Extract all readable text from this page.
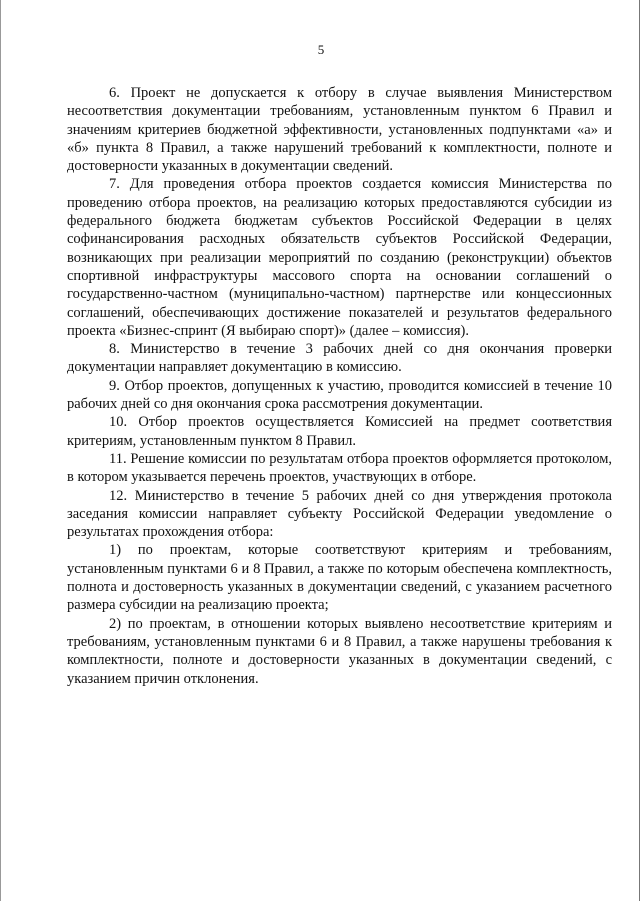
5

6. Проект не допускается к отбору в случае выявления Министерством несоответствия документации требованиям, установленным пунктом 6 Правил и значениям критериев бюджетной эффективности, установленных подпунктами «а» и «б» пункта 8 Правил, а также нарушений требований к комплектности, полноте и достоверности указанных в документации сведений.

7. Для проведения отбора проектов создается комиссия Министерства по проведению отбора проектов, на реализацию которых предоставляются субсидии из федерального бюджета бюджетам субъектов Российской Федерации в целях софинансирования расходных обязательств субъектов Российской Федерации, возникающих при реализации мероприятий по созданию (реконструкции) объектов спортивной инфраструктуры массового спорта на основании соглашений о государственно-частном (муниципально-частном) партнерстве или концессионных соглашений, обеспечивающих достижение показателей и результатов федерального проекта «Бизнес-спринт (Я выбираю спорт)» (далее – комиссия).

8. Министерство в течение 3 рабочих дней со дня окончания проверки документации направляет документацию в комиссию.

9. Отбор проектов, допущенных к участию, проводится комиссией в течение 10 рабочих дней со дня окончания срока рассмотрения документации.

10. Отбор проектов осуществляется Комиссией на предмет соответствия критериям, установленным пунктом 8 Правил.

11. Решение комиссии по результатам отбора проектов оформляется протоколом, в котором указывается перечень проектов, участвующих в отборе.

12. Министерство в течение 5 рабочих дней со дня утверждения протокола заседания комиссии направляет субъекту Российской Федерации уведомление о результатах прохождения отбора:

1) по проектам, которые соответствуют критериям и требованиям, установленным пунктами 6 и 8 Правил, а также по которым обеспечена комплектность, полнота и достоверность указанных в документации сведений, с указанием расчетного размера субсидии на реализацию проекта;

2) по проектам, в отношении которых выявлено несоответствие критериям и требованиям, установленным пунктами 6 и 8 Правил, а также нарушены требования к комплектности, полноте и достоверности указанных в документации сведений, с указанием причин отклонения.
